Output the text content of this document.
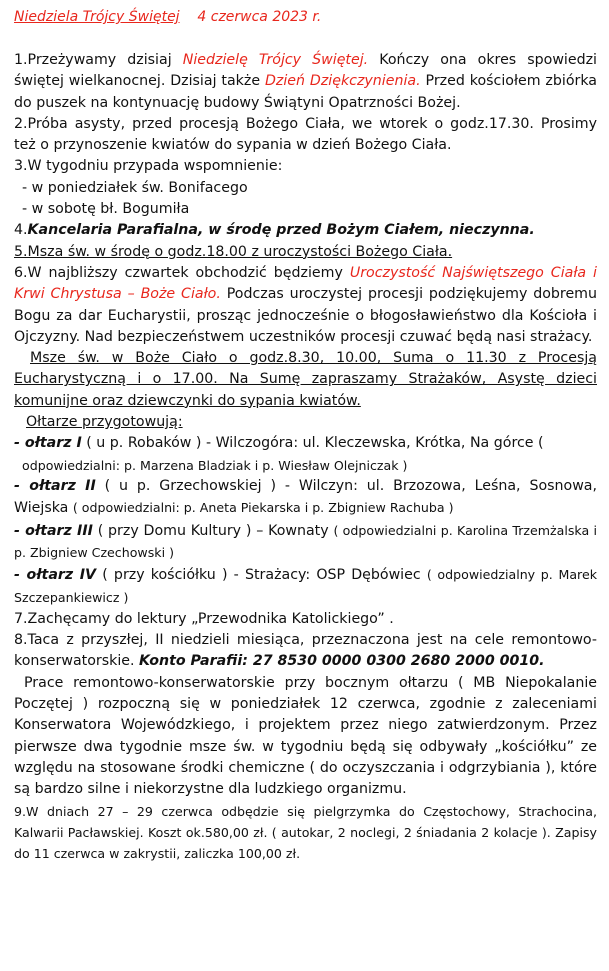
Niedziela Trójcy Świętej 4 czerwca 2023 r.

1.Przeżywamy dzisiaj Niedzielę Trójcy Świętej. Kończy ona okres spowiedzi świętej wielkanocnej. Dzisiaj także Dzień Dziękczynienia. Przed kościołem zbiórka do puszek na kontynuację budowy Świątyni Opatrzności Bożej.

2.Próba asysty, przed procesją Bożego Ciała, we wtorek o godz.17.30. Prosimy też o przynoszenie kwiatów do sypania w dzień Bożego Ciała.

3.W tygodniu przypada wspomnienie:

- w poniedziałek św. Bonifacego

- w sobotę bł. Bogumiła

4.Kancelaria Parafialna, w środę przed Bożym Ciałem, nieczynna.

5.Msza św. w środę o godz.18.00 z uroczystości Bożego Ciała.

6.W najbliższy czwartek obchodzić będziemy Uroczystość Najświętszego Ciała i Krwi Chrystusa – Boże Ciało. Podczas uroczystej procesji podziękujemy dobremu Bogu za dar Eucharystii, prosząc jednocześnie o błogosławieństwo dla Kościoła i Ojczyzny. Nad bezpieczeństwem uczestników procesji czuwać będą nasi strażacy.

Msze św. w Boże Ciało o godz.8.30, 10.00, Suma o 11.30 z Procesją Eucharystyczną i o 17.00. Na Sumę zapraszamy Strażaków, Asystę dzieci komunijne oraz dziewczynki do sypania kwiatów.

Ołtarze przygotowują:

- ołtarz I ( u p. Robaków ) - Wilczogóra: ul. Kleczewska, Krótka, Na górce (

odpowiedzialni: p. Marzena Bladziak i p. Wiesław Olejniczak )

- ołtarz II ( u p. Grzechowskiej ) - Wilczyn: ul. Brzozowa, Leśna, Sosnowa, Wiejska ( odpowiedzialni: p. Aneta Piekarska i p. Zbigniew Rachuba )

- ołtarz III ( przy Domu Kultury ) – Kownaty ( odpowiedzialni p. Karolina Trzemżalska i p. Zbigniew Czechowski )

- ołtarz IV ( przy kościółku ) - Strażacy: OSP Dębówiec ( odpowiedzialny p. Marek Szczepankiewicz )

7.Zachęcamy do lektury „Przewodnika Katolickiego” .

8.Taca z przyszłej, II niedzieli miesiąca, przeznaczona jest na cele remontowo-konserwatorskie. Konto Parafii: 27 8530 0000 0300 2680 2000 0010.

Prace remontowo-konserwatorskie przy bocznym ołtarzu ( MB Niepokalanie Poczętej ) rozpoczną się w poniedziałek 12 czerwca, zgodnie z zaleceniami Konserwatora Wojewódzkiego, i projektem przez niego zatwierdzonym. Przez pierwsze dwa tygodnie msze św. w tygodniu będą się odbywały „kościółku” ze względu na stosowane środki chemiczne ( do oczyszczania i odgrzybiania ), które są bardzo silne i niekorzystne dla ludzkiego organizmu.

9.W dniach 27 – 29 czerwca odbędzie się pielgrzymka do Częstochowy, Strachocina, Kalwarii Pacławskiej. Koszt ok.580,00 zł. ( autokar, 2 noclegi, 2 śniadania 2 kolacje ). Zapisy do 11 czerwca w zakrystii, zaliczka 100,00 zł.
